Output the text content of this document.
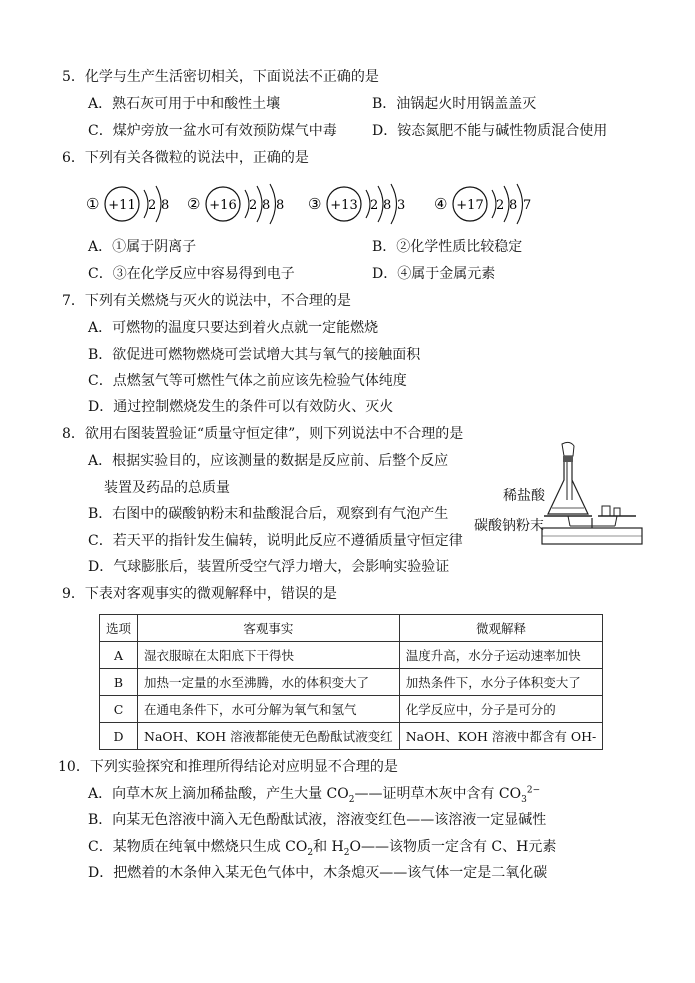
5．化学与生产生活密切相关，下面说法不正确的是
A．熟石灰可用于中和酸性土壤	B．油锅起火时用锅盖盖灭
C．煤炉旁放一盆水可有效预防煤气中毒	D．铵态氮肥不能与碱性物质混合使用
6．下列有关各微粒的说法中，正确的是
① +11 2 8 ② +16 2 8 8 ③ +13 2 8 3 ④ +17 2 8 7
A．①属于阴离子	B．②化学性质比较稳定
C．③在化学反应中容易得到电子	D．④属于金属元素
7．下列有关燃烧与灭火的说法中，不合理的是
A．可燃物的温度只要达到着火点就一定能燃烧
B．欲促进可燃物燃烧可尝试增大其与氧气的接触面积
C．点燃氢气等可燃性气体之前应该先检验气体纯度
D．通过控制燃烧发生的条件可以有效防火、灭火
8．欲用右图装置验证“质量守恒定律”，则下列说法中不合理的是
A．根据实验目的，应该测量的数据是反应前、后整个反应
装置及药品的总质量
B．右图中的碳酸钠粉末和盐酸混合后，观察到有气泡产生
C．若天平的指针发生偏转，说明此反应不遵循质量守恒定律
D．气球膨胀后，装置所受空气浮力增大，会影响实验验证
稀盐酸
碳酸钠粉末
9．下表对客观事实的微观解释中，错误的是
选项	客观事实	微观解释
A	湿衣服晾在太阳底下干得快	温度升高，水分子运动速率加快
B	加热一定量的水至沸腾，水的体积变大了	加热条件下，水分子体积变大了
C	在通电条件下，水可分解为氧气和氢气	化学反应中，分子是可分的
D	NaOH、KOH 溶液都能使无色酚酞试液变红	NaOH、KOH 溶液中都含有 OH-
10．下列实验探究和推理所得结论对应明显不合理的是
A．向草木灰上滴加稀盐酸，产生大量 $CO_2——$证明草木灰中含有 $CO_3^{2-}$
B．向某无色溶液中滴入无色酚酞试液，溶液变红色——该溶液一定显碱性
C．某物质在纯氧中燃烧只生成 $CO_2$和 $H_2O——$该物质一定含有 C、H元素
D．把燃着的木条伸入某无色气体中，木条熄灭——该气体一定是二氧化碳
